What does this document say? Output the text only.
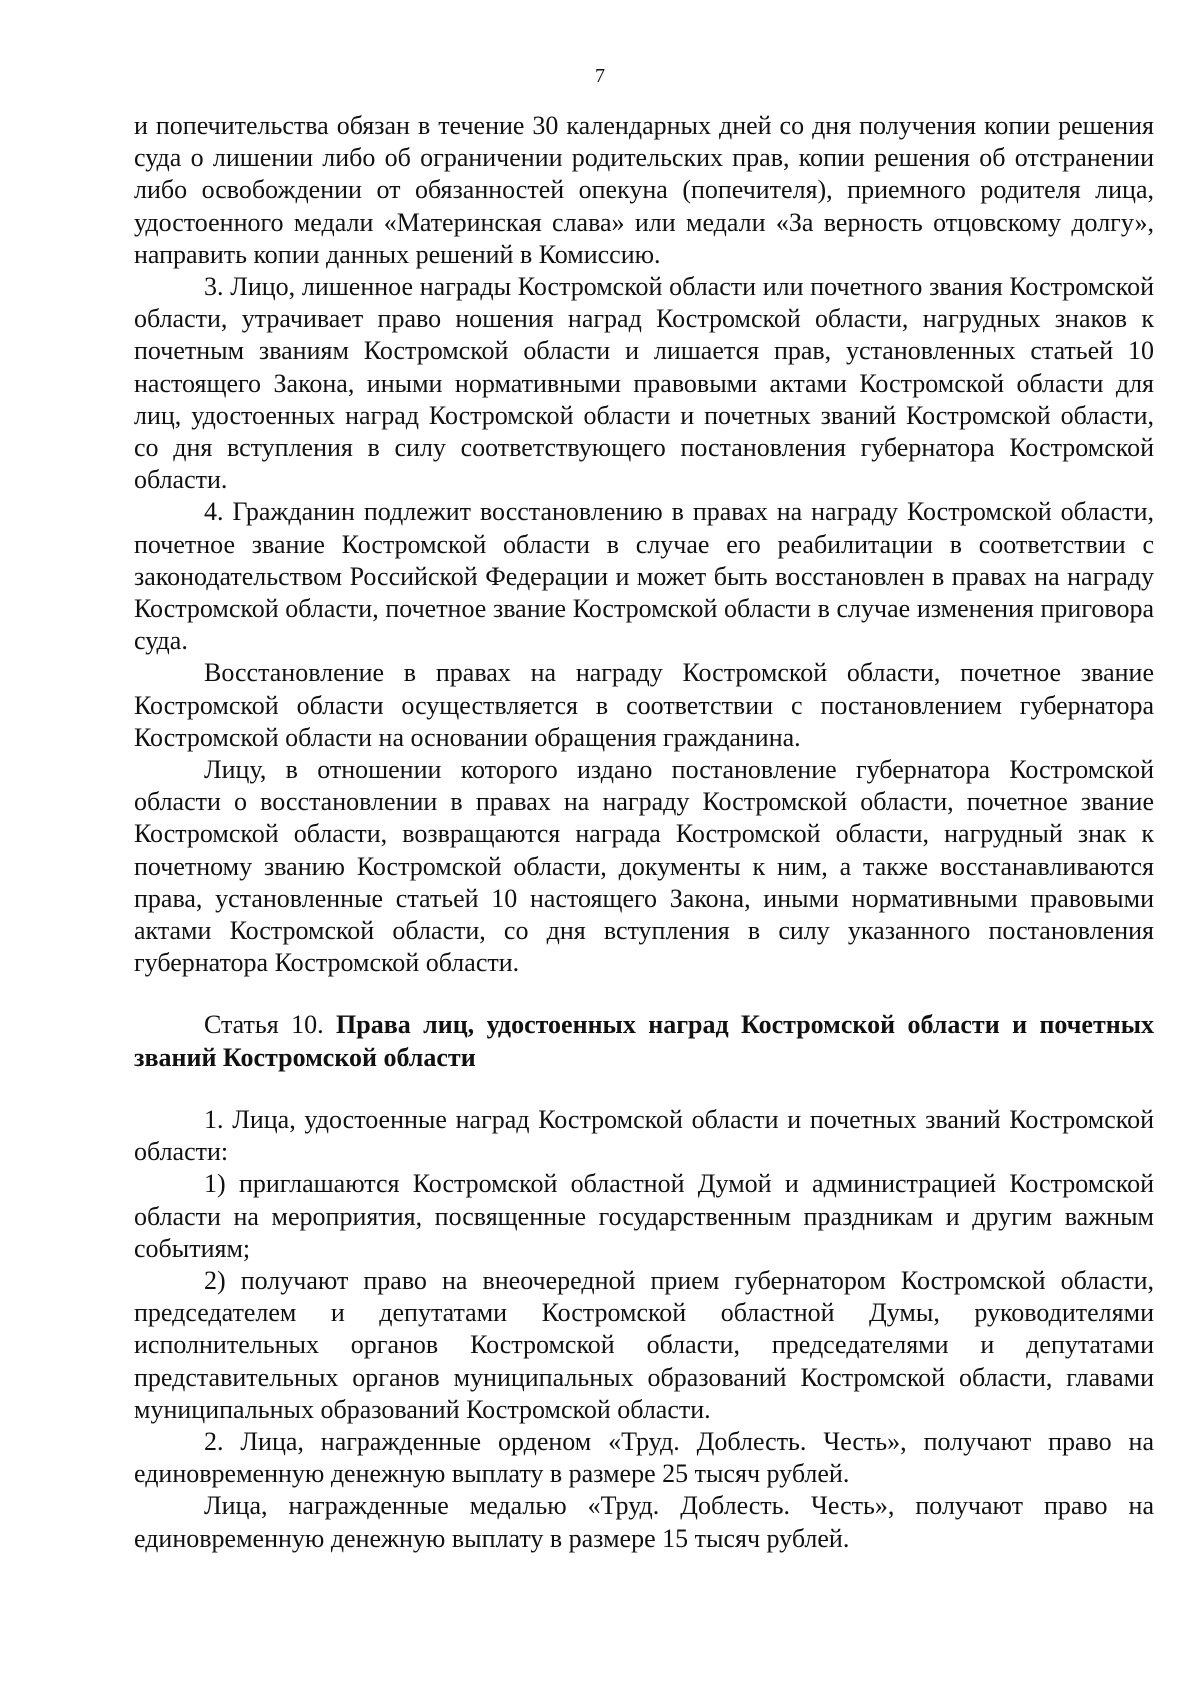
7

и попечительства обязан в течение 30 календарных дней со дня получения копии решения суда о лишении либо об ограничении родительских прав, копии решения об отстранении либо освобождении от обязанностей опекуна (попечителя), приемного родителя лица, удостоенного медали «Материнская слава» или медали «За верность отцовскому долгу», направить копии данных решений в Комиссию.

3. Лицо, лишенное награды Костромской области или почетного звания Костромской области, утрачивает право ношения наград Костромской области, нагрудных знаков к почетным званиям Костромской области и лишается прав, установленных статьей 10 настоящего Закона, иными нормативными правовыми актами Костромской области для лиц, удостоенных наград Костромской области и почетных званий Костромской области, со дня вступления в силу соответствующего постановления губернатора Костромской области.

4. Гражданин подлежит восстановлению в правах на награду Костромской области, почетное звание Костромской области в случае его реабилитации в соответствии с законодательством Российской Федерации и может быть восстановлен в правах на награду Костромской области, почетное звание Костромской области в случае изменения приговора суда.

Восстановление в правах на награду Костромской области, почетное звание Костромской области осуществляется в соответствии с постановлением губернатора Костромской области на основании обращения гражданина.

Лицу, в отношении которого издано постановление губернатора Костромской области о восстановлении в правах на награду Костромской области, почетное звание Костромской области, возвращаются награда Костромской области, нагрудный знак к почетному званию Костромской области, документы к ним, а также восстанавливаются права, установленные статьей 10 настоящего Закона, иными нормативными правовыми актами Костромской области, со дня вступления в силу указанного постановления губернатора Костромской области.

Статья 10. Права лиц, удостоенных наград Костромской области и почетных званий Костромской области

1. Лица, удостоенные наград Костромской области и почетных званий Костромской области:

1) приглашаются Костромской областной Думой и администрацией Костромской области на мероприятия, посвященные государственным праздникам и другим важным событиям;

2) получают право на внеочередной прием губернатором Костромской области, председателем и депутатами Костромской областной Думы, руководителями исполнительных органов Костромской области, председателями и депутатами представительных органов муниципальных образований Костромской области, главами муниципальных образований Костромской области.

2. Лица, награжденные орденом «Труд. Доблесть. Честь», получают право на единовременную денежную выплату в размере 25 тысяч рублей.

Лица, награжденные медалью «Труд. Доблесть. Честь», получают право на единовременную денежную выплату в размере 15 тысяч рублей.
